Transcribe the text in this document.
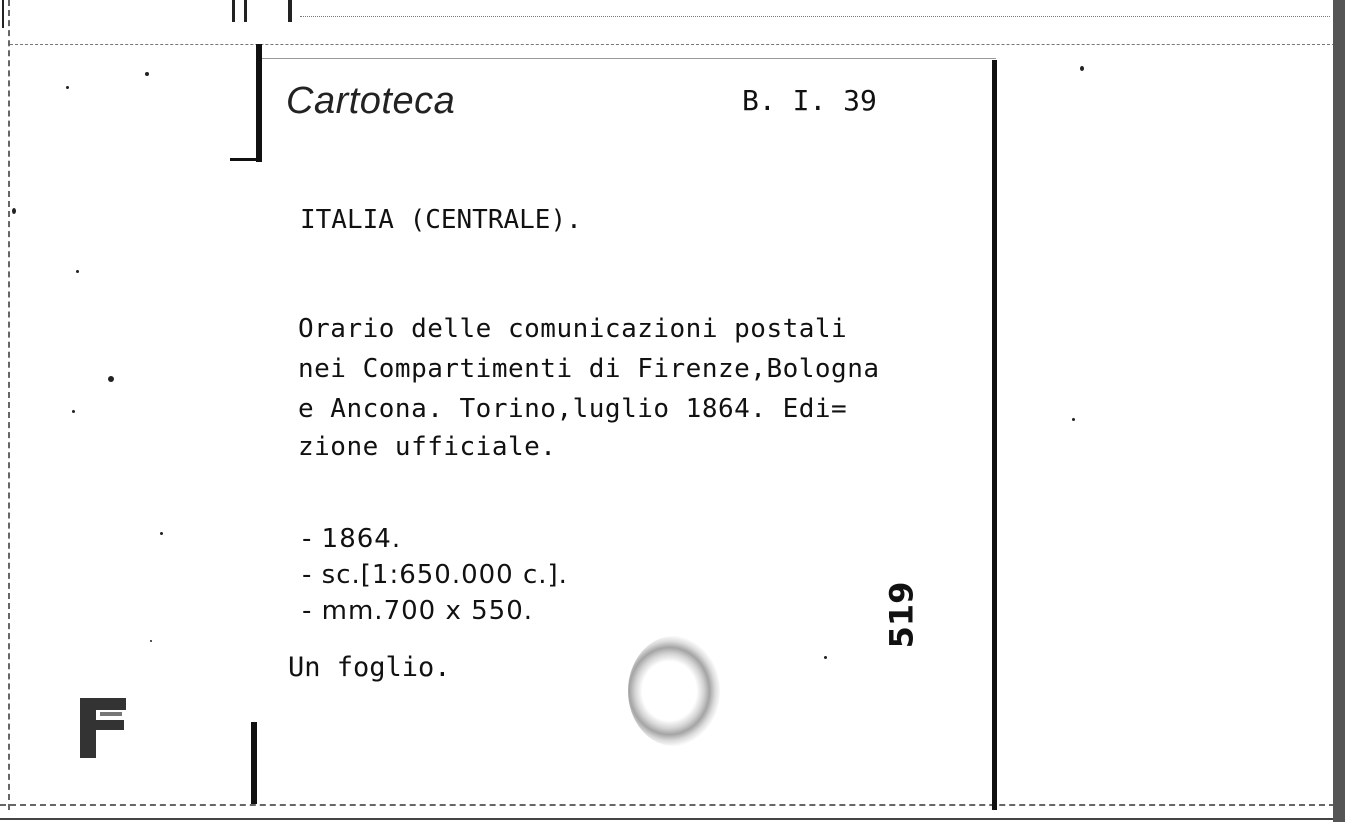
Cartoteca	B. I. 39
ITALIA (CENTRALE).
Orario delle comunicazioni postali
nei Compartimenti di Firenze,Bologna
e Ancona. Torino,luglio 1864. Edi=
zione ufficiale.
- 1864.
- sc.[1:650.000 c.].
- mm.700 x 550.
Un foglio.
519
